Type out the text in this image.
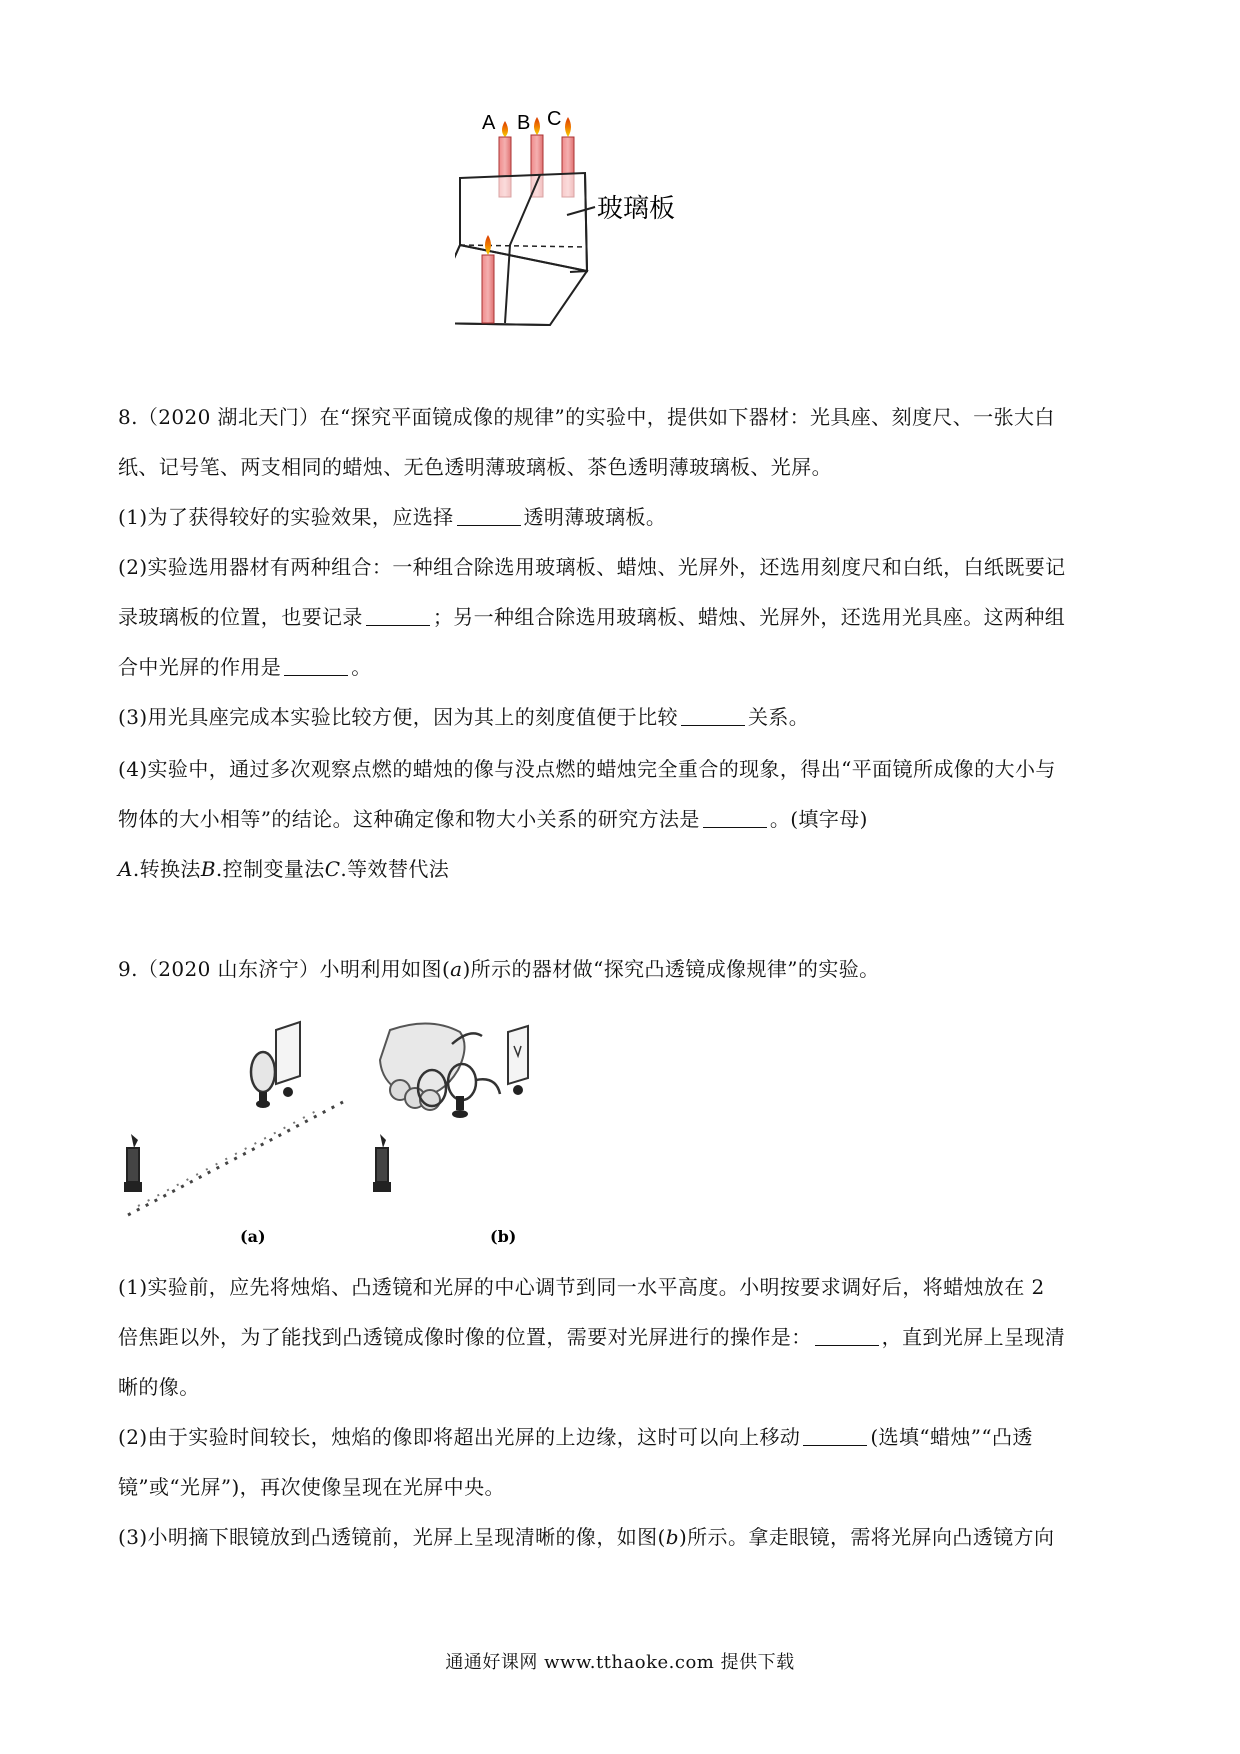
A B C
玻璃板

8.（2020 湖北天门）在“探究平面镜成像的规律”的实验中，提供如下器材：光具座、刻度尺、一张大白

纸、记号笔、两支相同的蜡烛、无色透明薄玻璃板、茶色透明薄玻璃板、光屏。

(1)为了获得较好的实验效果，应选择	透明薄玻璃板。

(2)实验选用器材有两种组合：一种组合除选用玻璃板、蜡烛、光屏外，还选用刻度尺和白纸，白纸既要记

录玻璃板的位置，也要记录	；另一种组合除选用玻璃板、蜡烛、光屏外，还选用光具座。这两种组

合中光屏的作用是	。

(3)用光具座完成本实验比较方便，因为其上的刻度值便于比较	关系。

(4)实验中，通过多次观察点燃的蜡烛的像与没点燃的蜡烛完全重合的现象，得出“平面镜所成像的大小与

物体的大小相等”的结论。这种确定像和物大小关系的研究方法是	。(填字母)

A.转换法B.控制变量法C.等效替代法

9.（2020 山东济宁）小明利用如图(a)所示的器材做“探究凸透镜成像规律”的实验。

(a)	(b)

(1)实验前，应先将烛焰、凸透镜和光屏的中心调节到同一水平高度。小明按要求调好后，将蜡烛放在 2

倍焦距以外，为了能找到凸透镜成像时像的位置，需要对光屏进行的操作是：	，直到光屏上呈现清

晰的像。

(2)由于实验时间较长，烛焰的像即将超出光屏的上边缘，这时可以向上移动	(选填“蜡烛”“凸透

镜”或“光屏”)，再次使像呈现在光屏中央。

(3)小明摘下眼镜放到凸透镜前，光屏上呈现清晰的像，如图(b)所示。拿走眼镜，需将光屏向凸透镜方向

通通好课网 www.tthaoke.com 提供下载
